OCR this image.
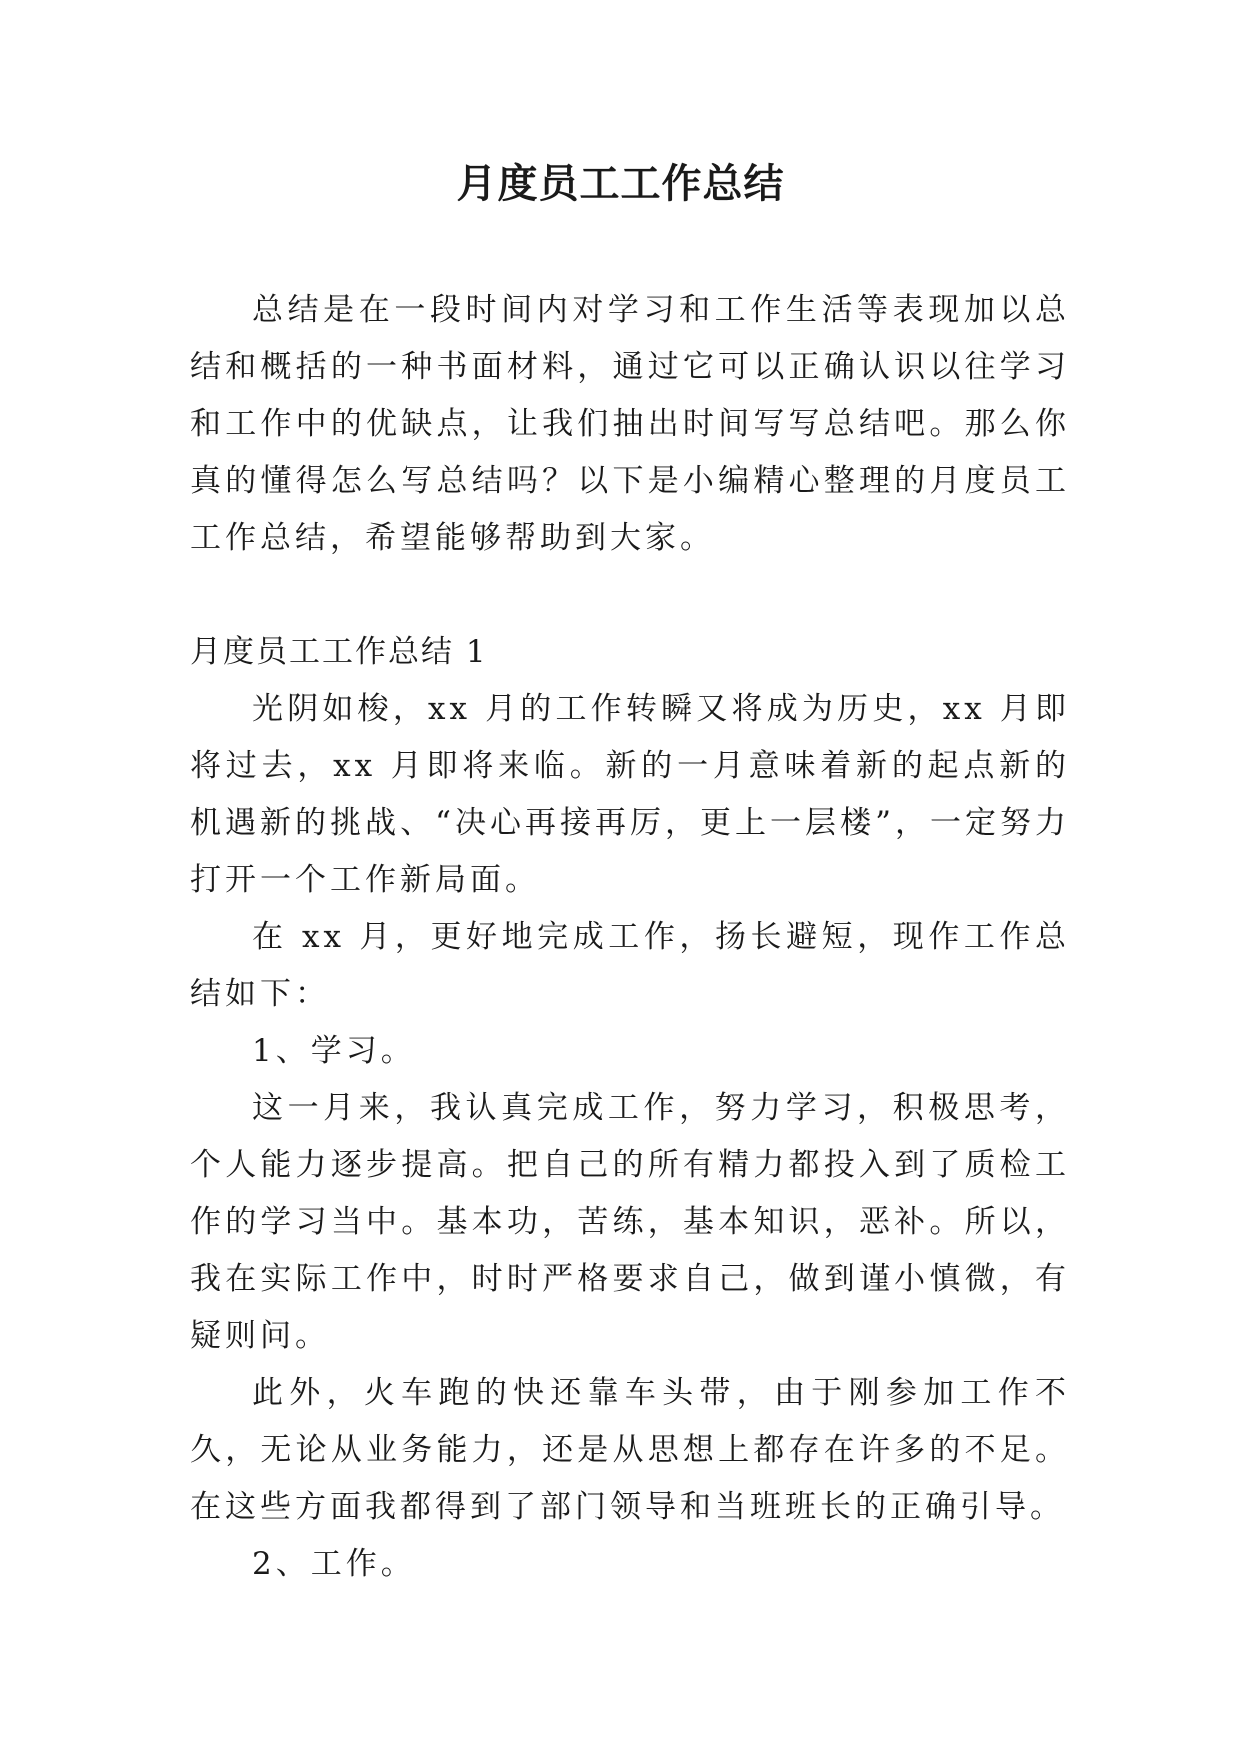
月度员工工作总结

总结是在一段时间内对学习和工作生活等表现加以总结和概括的一种书面材料，通过它可以正确认识以往学习和工作中的优缺点，让我们抽出时间写写总结吧。那么你真的懂得怎么写总结吗？以下是小编精心整理的月度员工工作总结，希望能够帮助到大家。

月度员工工作总结 1

光阴如梭，xx 月的工作转瞬又将成为历史，xx 月即将过去，xx 月即将来临。新的一月意味着新的起点新的机遇新的挑战、“决心再接再厉，更上一层楼”，一定努力打开一个工作新局面。

在 xx 月，更好地完成工作，扬长避短，现作工作总结如下：

1、学习。

这一月来，我认真完成工作，努力学习，积极思考，个人能力逐步提高。把自己的所有精力都投入到了质检工作的学习当中。基本功，苦练，基本知识，恶补。所以，我在实际工作中，时时严格要求自己，做到谨小慎微，有疑则问。

此外，火车跑的快还靠车头带，由于刚参加工作不久，无论从业务能力，还是从思想上都存在许多的不足。在这些方面我都得到了部门领导和当班班长的正确引导。

2、工作。
